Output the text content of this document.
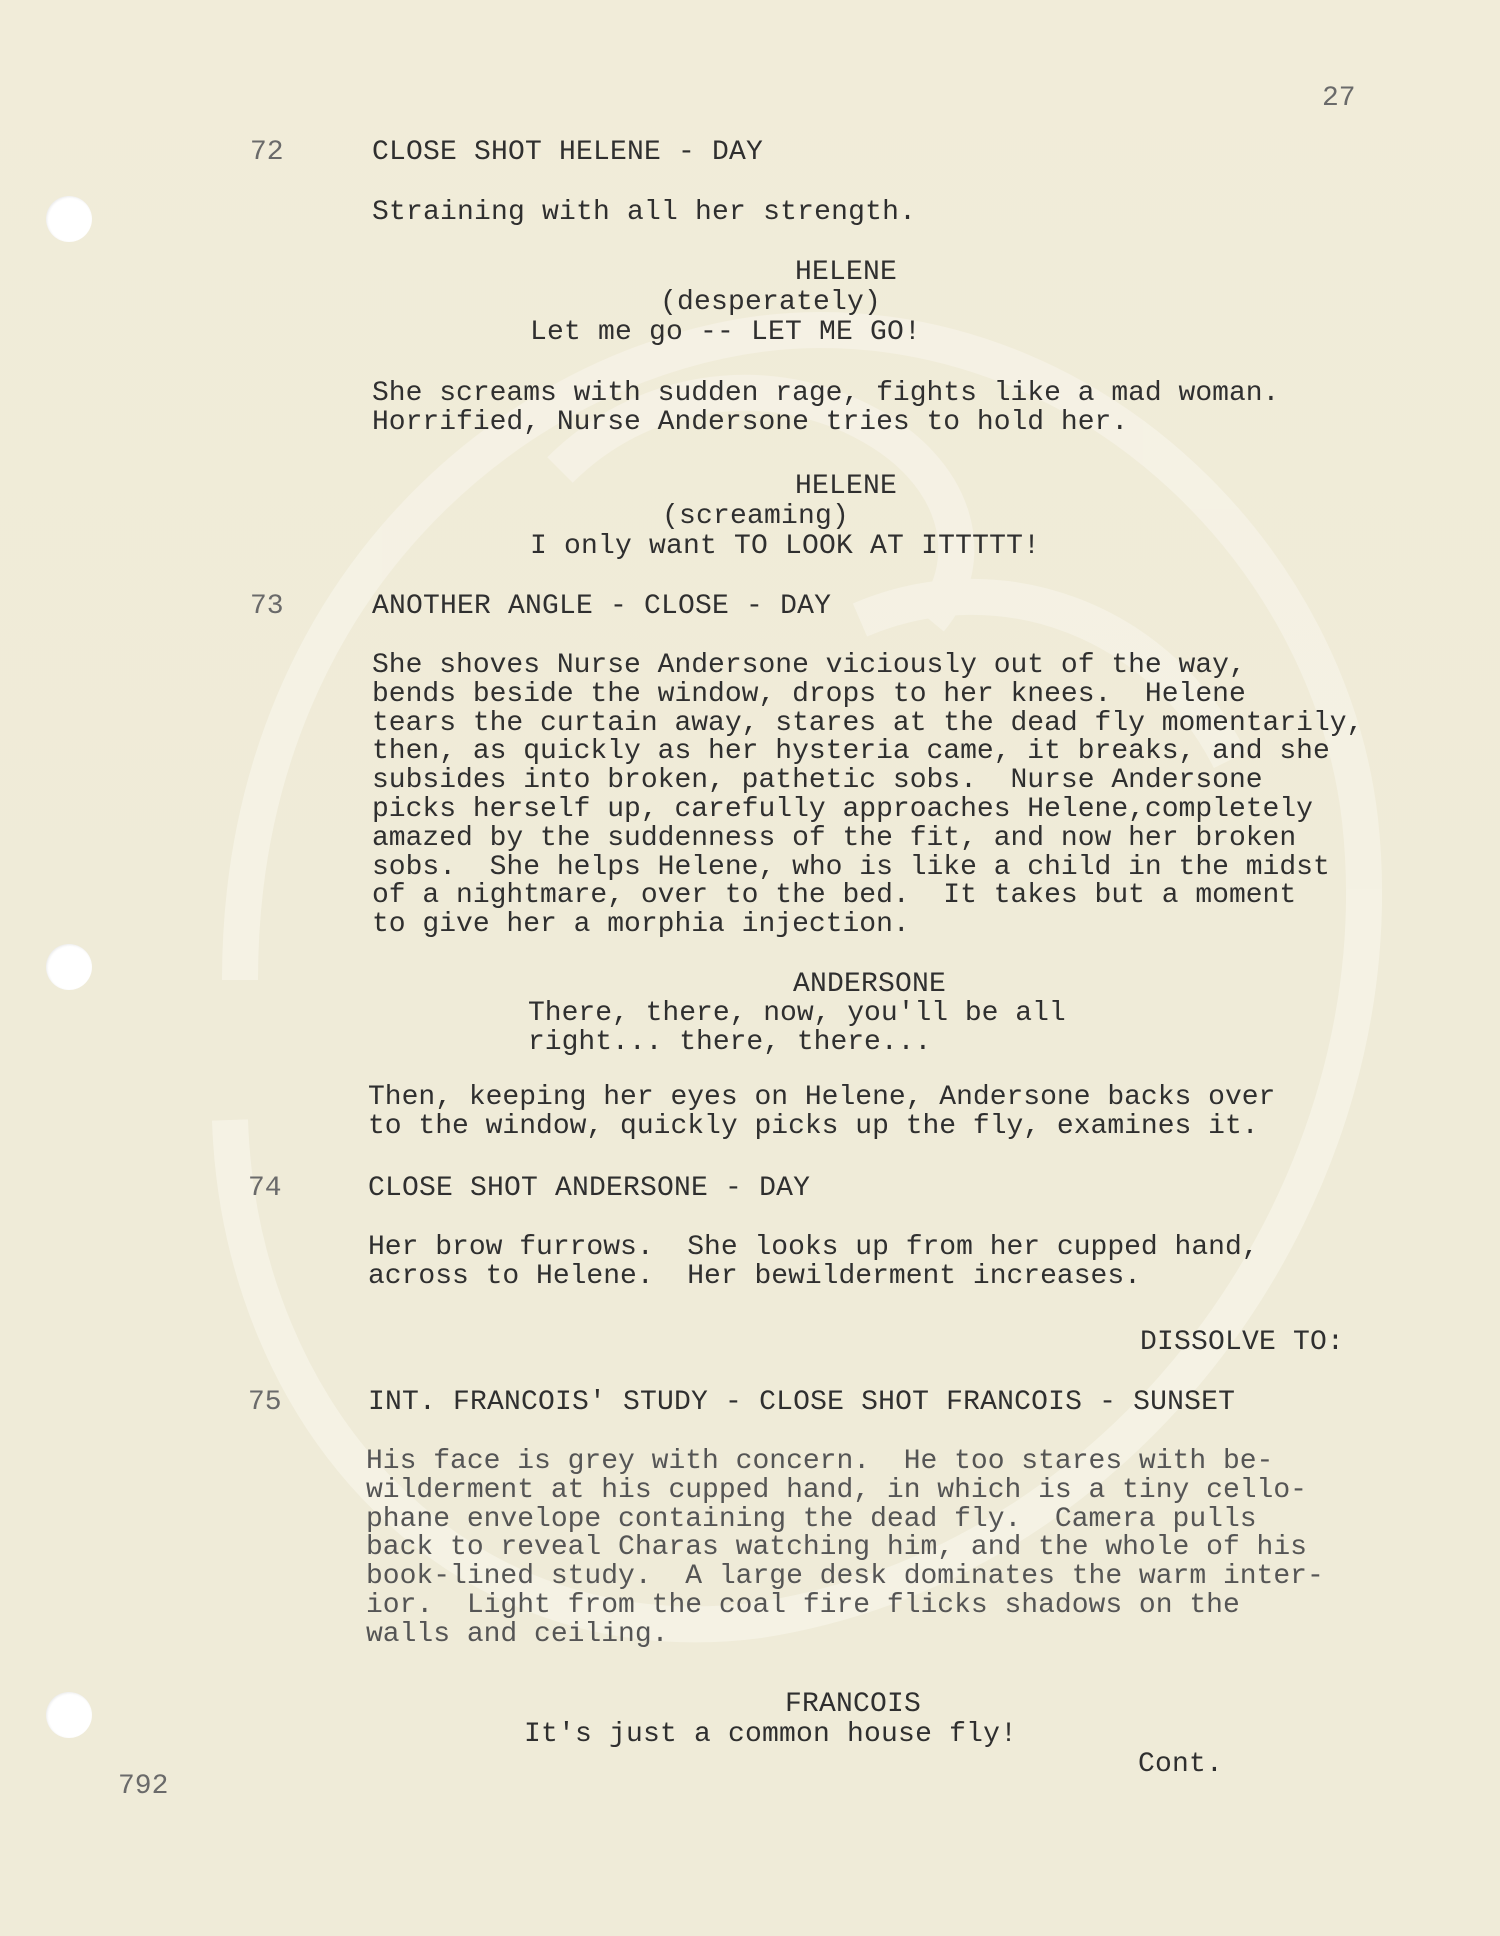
27
72	CLOSE SHOT HELENE - DAY
Straining with all her strength.
HELENE
(desperately)
Let me go -- LET ME GO!
She screams with sudden rage, fights like a mad woman.
Horrified, Nurse Andersone tries to hold her.
HELENE
(screaming)
I only want TO LOOK AT ITTTTT!
73	ANOTHER ANGLE - CLOSE - DAY
She shoves Nurse Andersone viciously out of the way,
bends beside the window, drops to her knees.  Helene
tears the curtain away, stares at the dead fly momentarily,
then, as quickly as her hysteria came, it breaks, and she
subsides into broken, pathetic sobs.  Nurse Andersone
picks herself up, carefully approaches Helene,completely
amazed by the suddenness of the fit, and now her broken
sobs.  She helps Helene, who is like a child in the midst
of a nightmare, over to the bed.  It takes but a moment
to give her a morphia injection.
ANDERSONE
There, there, now, you'll be all
right... there, there...
Then, keeping her eyes on Helene, Andersone backs over
to the window, quickly picks up the fly, examines it.
74	CLOSE SHOT ANDERSONE - DAY
Her brow furrows.  She looks up from her cupped hand,
across to Helene.  Her bewilderment increases.
DISSOLVE TO:
75	INT. FRANCOIS' STUDY - CLOSE SHOT FRANCOIS - SUNSET
His face is grey with concern.  He too stares with be-
wilderment at his cupped hand, in which is a tiny cello-
phane envelope containing the dead fly.  Camera pulls
back to reveal Charas watching him, and the whole of his
book-lined study.  A large desk dominates the warm inter-
ior.  Light from the coal fire flicks shadows on the
walls and ceiling.
FRANCOIS
It's just a common house fly!
Cont.
792
